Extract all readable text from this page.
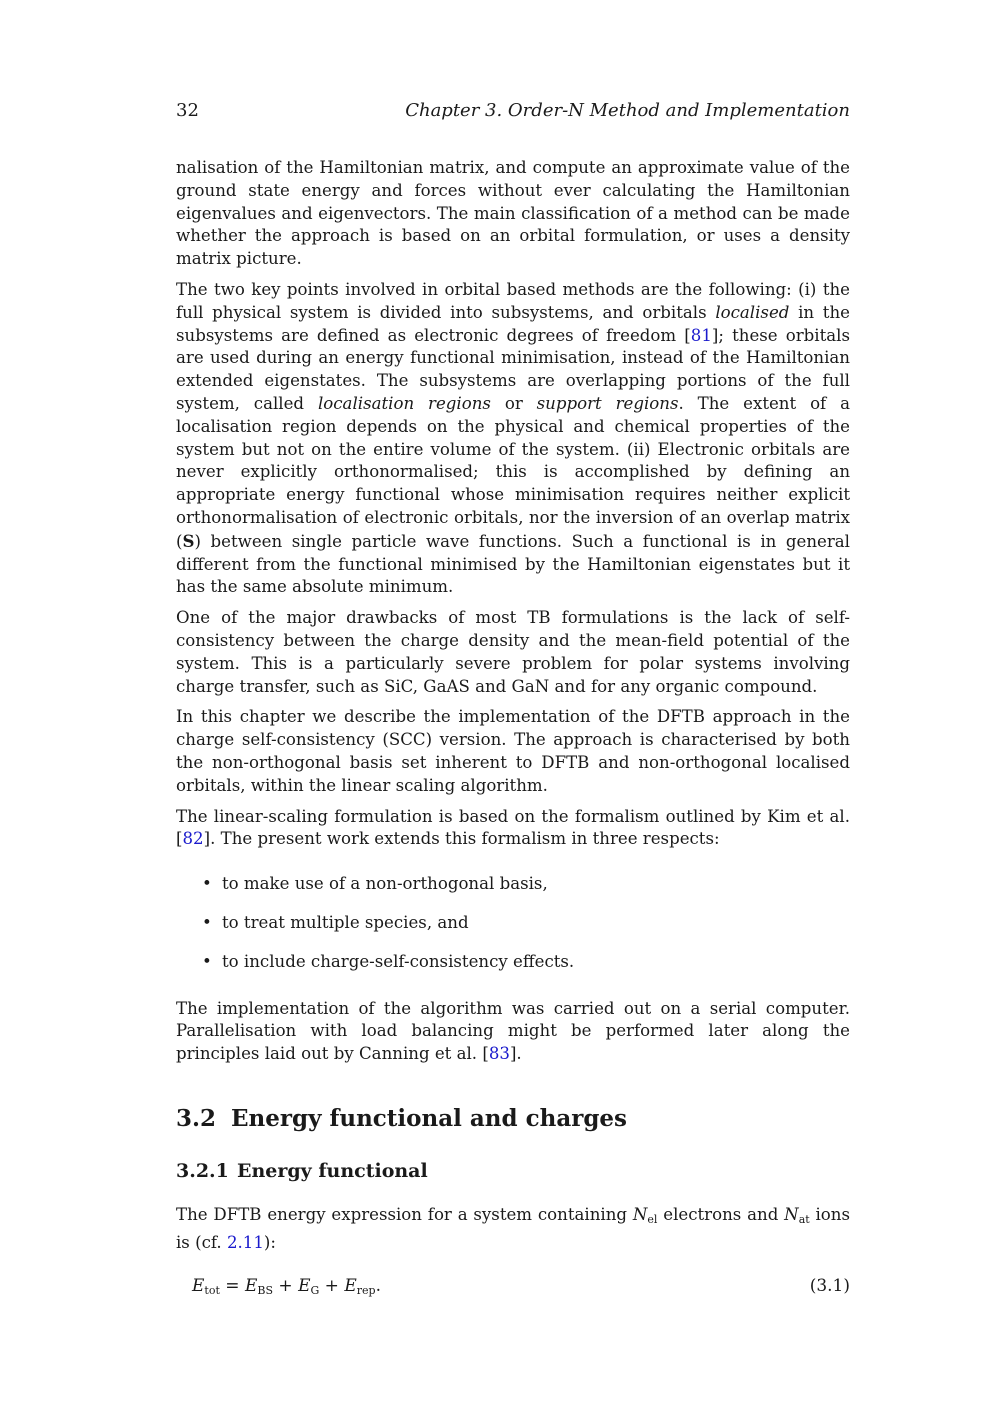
32	Chapter 3. Order-N Method and Implementation

nalisation of the Hamiltonian matrix, and compute an approximate value of the ground state energy and forces without ever calculating the Hamiltonian eigenvalues and eigenvectors. The main classification of a method can be made whether the approach is based on an orbital formulation, or uses a density matrix picture.

The two key points involved in orbital based methods are the following: (i) the full physical system is divided into subsystems, and orbitals localised in the subsystems are defined as electronic degrees of freedom [81]; these orbitals are used during an energy functional minimisation, instead of the Hamiltonian extended eigenstates. The subsystems are overlapping portions of the full system, called localisation regions or support regions. The extent of a localisation region depends on the physical and chemical properties of the system but not on the entire volume of the system. (ii) Electronic orbitals are never explicitly orthonormalised; this is accomplished by defining an appropriate energy functional whose minimisation requires neither explicit orthonormalisation of electronic orbitals, nor the inversion of an overlap matrix (S) between single particle wave functions. Such a functional is in general different from the functional minimised by the Hamiltonian eigenstates but it has the same absolute minimum.

One of the major drawbacks of most TB formulations is the lack of self-consistency between the charge density and the mean-field potential of the system. This is a particularly severe problem for polar systems involving charge transfer, such as SiC, GaAS and GaN and for any organic compound.

In this chapter we describe the implementation of the DFTB approach in the charge self-consistency (SCC) version. The approach is characterised by both the non-orthogonal basis set inherent to DFTB and non-orthogonal localised orbitals, within the linear scaling algorithm.

The linear-scaling formulation is based on the formalism outlined by Kim et al. [82]. The present work extends this formalism in three respects:

• to make use of a non-orthogonal basis,
• to treat multiple species, and
• to include charge-self-consistency effects.

The implementation of the algorithm was carried out on a serial computer. Parallelisation with load balancing might be performed later along the principles laid out by Canning et al. [83].

3.2 Energy functional and charges
3.2.1 Energy functional

The DFTB energy expression for a system containing $N_{el}$ electrons and $N_{at}$ ions is (cf. 2.11):

$E_{tot} = E_{BS} + E_G + E_{rep}$.	(3.1)
